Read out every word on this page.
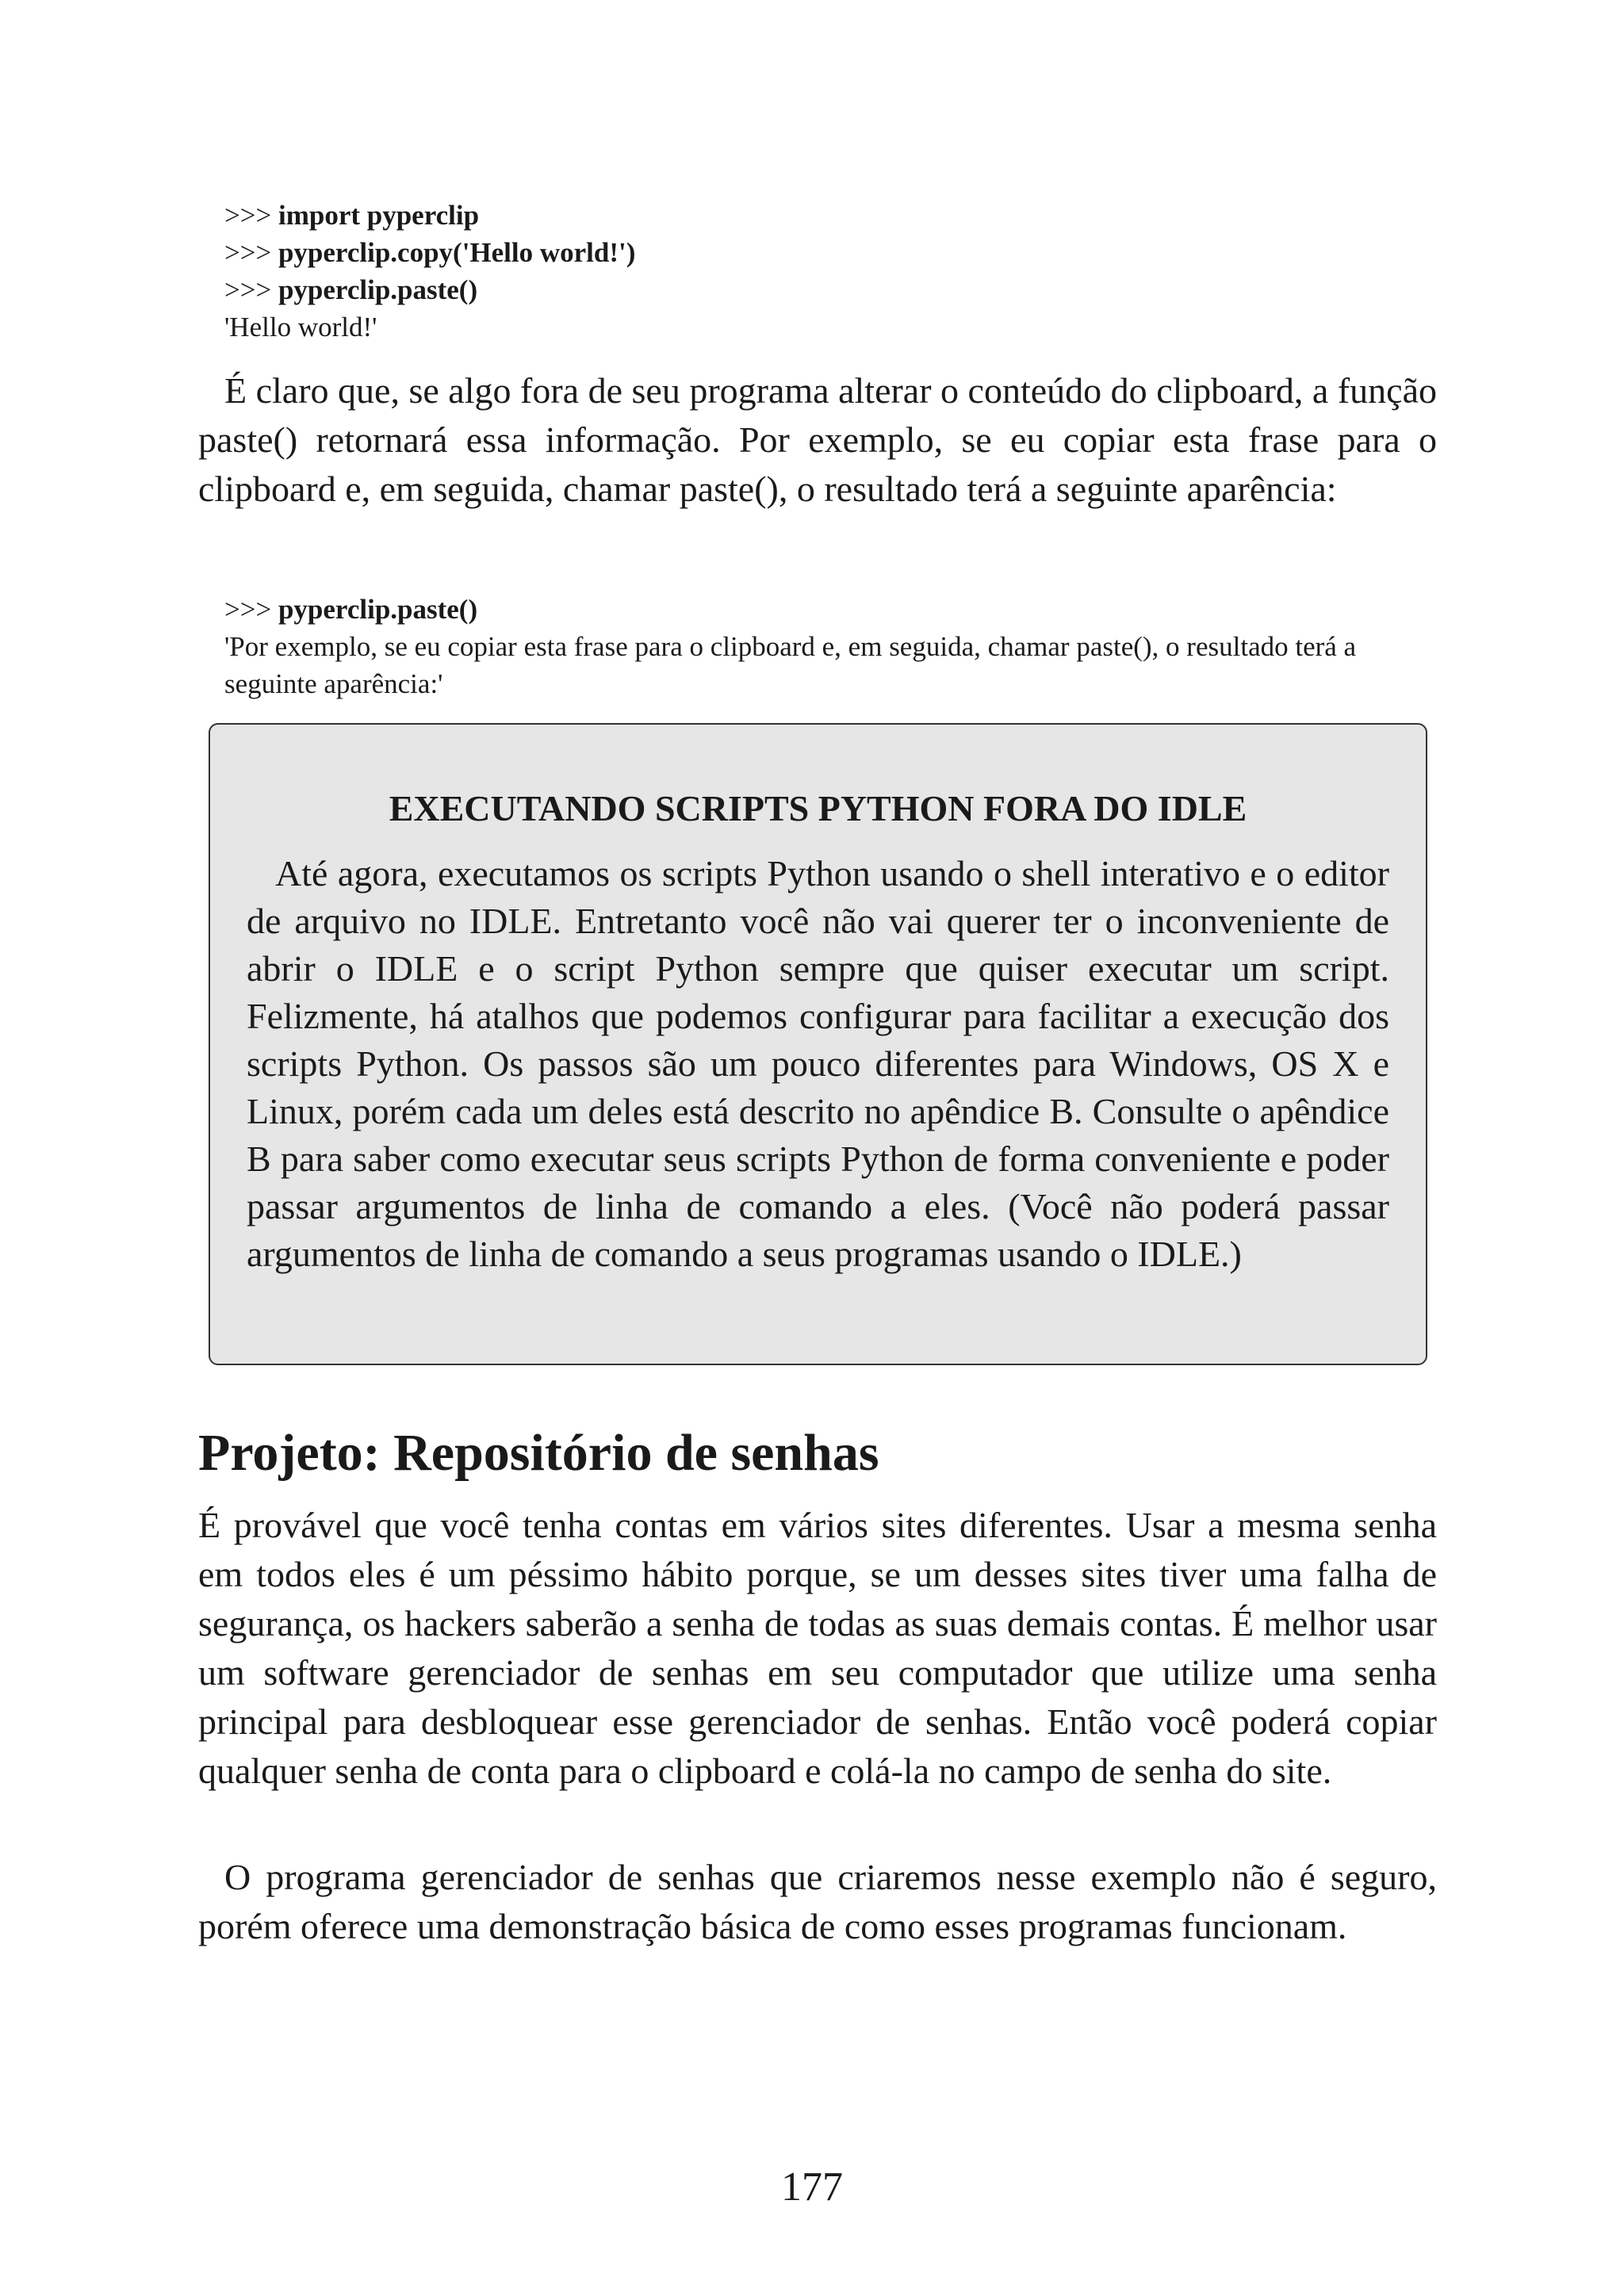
>>> import pyperclip
>>> pyperclip.copy('Hello world!')
>>> pyperclip.paste()
'Hello world!'

É claro que, se algo fora de seu programa alterar o conteúdo do clipboard, a função paste() retornará essa informação. Por exemplo, se eu copiar esta frase para o clipboard e, em seguida, chamar paste(), o resultado terá a seguinte aparência:

>>> pyperclip.paste()
'Por exemplo, se eu copiar esta frase para o clipboard e, em seguida, chamar paste(), o resultado terá a seguinte aparência:'
EXECUTANDO SCRIPTS PYTHON FORA DO IDLE

Até agora, executamos os scripts Python usando o shell interativo e o editor de arquivo no IDLE. Entretanto você não vai querer ter o inconveniente de abrir o IDLE e o script Python sempre que quiser executar um script. Felizmente, há atalhos que podemos configurar para facilitar a execução dos scripts Python. Os passos são um pouco diferentes para Windows, OS X e Linux, porém cada um deles está descrito no apêndice B. Consulte o apêndice B para saber como executar seus scripts Python de forma conveniente e poder passar argumentos de linha de comando a eles. (Você não poderá passar argumentos de linha de comando a seus programas usando o IDLE.)

Projeto: Repositório de senhas

É provável que você tenha contas em vários sites diferentes. Usar a mesma senha em todos eles é um péssimo hábito porque, se um desses sites tiver uma falha de segurança, os hackers saberão a senha de todas as suas demais contas. É melhor usar um software gerenciador de senhas em seu computador que utilize uma senha principal para desbloquear esse gerenciador de senhas. Então você poderá copiar qualquer senha de conta para o clipboard e colá-la no campo de senha do site.

O programa gerenciador de senhas que criaremos nesse exemplo não é seguro, porém oferece uma demonstração básica de como esses programas funcionam.

177
